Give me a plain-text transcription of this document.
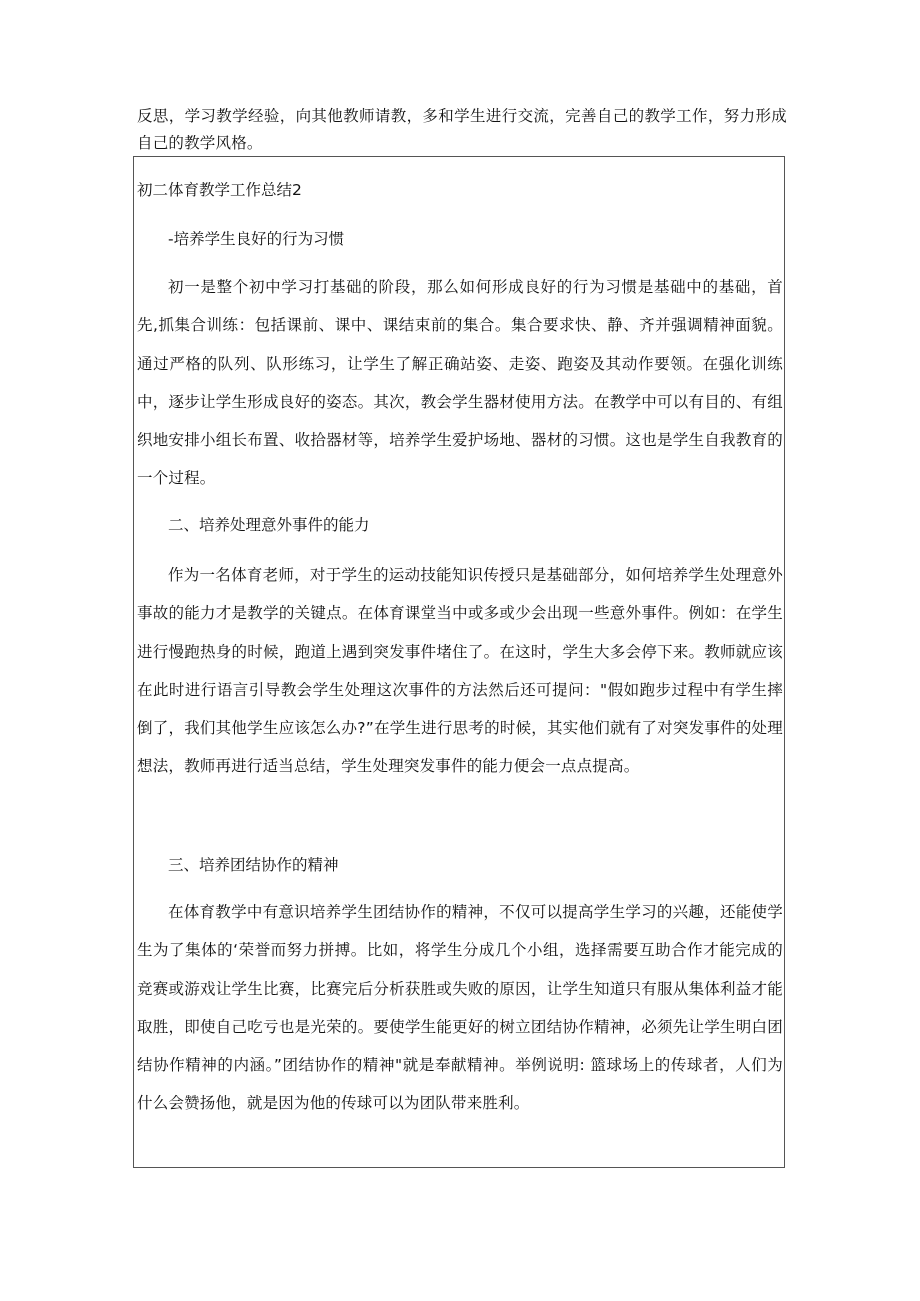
反思，学习教学经验，向其他教师请教，多和学生进行交流，完善自己的教学工作，努力形成自己的教学风格。
初二体育教学工作总结2
-培养学生良好的行为习惯
初一是整个初中学习打基础的阶段，那么如何形成良好的行为习惯是基础中的基础，首先,抓集合训练：包括课前、课中、课结束前的集合。集合要求快、静、齐并强调精神面貌。通过严格的队列、队形练习，让学生了解正确站姿、走姿、跑姿及其动作要领。在强化训练中，逐步让学生形成良好的姿态。其次，教会学生器材使用方法。在教学中可以有目的、有组织地安排小组长布置、收拾器材等，培养学生爱护场地、器材的习惯。这也是学生自我教育的一个过程。
二、培养处理意外事件的能力
作为一名体育老师，对于学生的运动技能知识传授只是基础部分，如何培养学生处理意外事故的能力才是教学的关键点。在体育课堂当中或多或少会出现一些意外事件。例如：在学生进行慢跑热身的时候，跑道上遇到突发事件堵住了。在这时，学生大多会停下来。教师就应该在此时进行语言引导教会学生处理这次事件的方法然后还可提问："假如跑步过程中有学生摔倒了，我们其他学生应该怎么办?”在学生进行思考的时候，其实他们就有了对突发事件的处理想法，教师再进行适当总结，学生处理突发事件的能力便会一点点提高。
三、培养团结协作的精神
在体育教学中有意识培养学生团结协作的精神，不仅可以提高学生学习的兴趣，还能使学生为了集体的‘荣誉而努力拼搏。比如，将学生分成几个小组，选择需要互助合作才能完成的竞赛或游戏让学生比赛，比赛完后分析获胜或失败的原因，让学生知道只有服从集体利益才能取胜，即使自己吃亏也是光荣的。要使学生能更好的树立团结协作精神，必须先让学生明白团结协作精神的内涵。”团结协作的精神"就是奉献精神。举例说明: 篮球场上的传球者，人们为什么会赞扬他，就是因为他的传球可以为团队带来胜利。
